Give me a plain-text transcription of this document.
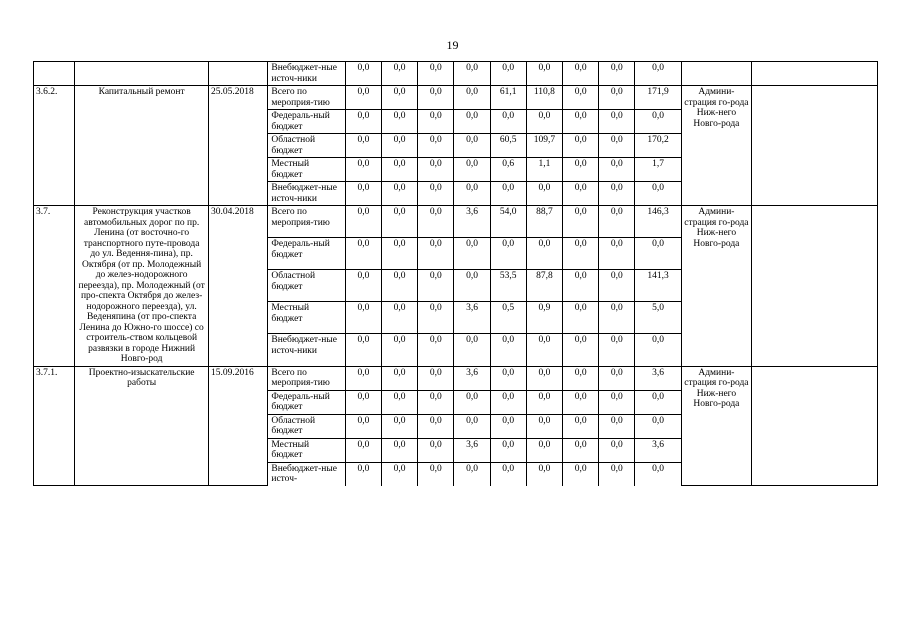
19
			Внебюджет-ные источ-ники	0,0	0,0	0,0	0,0	0,0	0,0	0,0	0,0	0,0		
3.6.2.	Капитальный ремонт	25.05.2018	Всего по мероприя-тию	0,0	0,0	0,0	0,0	61,1	110,8	0,0	0,0	171,9	Админи-страция го-рода Ниж-него Новго-рода	
			Федераль-ный бюджет	0,0	0,0	0,0	0,0	0,0	0,0	0,0	0,0	0,0		
			Областной бюджет	0,0	0,0	0,0	0,0	60,5	109,7	0,0	0,0	170,2		
			Местный бюджет	0,0	0,0	0,0	0,0	0,6	1,1	0,0	0,0	1,7		
			Внебюджет-ные источ-ники	0,0	0,0	0,0	0,0	0,0	0,0	0,0	0,0	0,0		
3.7.	Реконструкция участков автомобильных дорог по пр. Ленина (от восточно-го транспортного путе-провода до ул. Ведення-пина), пр. Октября (от пр. Молодежный до желез-нодорожного переезда), пр. Молодежный (от про-спекта Октября до желез-нодорожного переезда), ул. Веденяпина (от про-спекта Ленина до Южно-го шоссе) со строитель-ством кольцевой развязки в городе Нижний Новго-род	30.04.2018	Всего по мероприя-тию	0,0	0,0	0,0	3,6	54,0	88,7	0,0	0,0	146,3	Админи-страция го-рода Ниж-него Новго-рода	
			Федераль-ный бюджет	0,0	0,0	0,0	0,0	0,0	0,0	0,0	0,0	0,0		
			Областной бюджет	0,0	0,0	0,0	0,0	53,5	87,8	0,0	0,0	141,3		
			Местный бюджет	0,0	0,0	0,0	3,6	0,5	0,9	0,0	0,0	5,0		
			Внебюджет-ные источ-ники	0,0	0,0	0,0	0,0	0,0	0,0	0,0	0,0	0,0		
3.7.1.	Проектно-изыскательские работы	15.09.2016	Всего по мероприя-тию	0,0	0,0	0,0	3,6	0,0	0,0	0,0	0,0	3,6	Админи-страция го-рода Ниж-него Новго-рода	
			Федераль-ный бюджет	0,0	0,0	0,0	0,0	0,0	0,0	0,0	0,0	0,0		
			Областной бюджет	0,0	0,0	0,0	0,0	0,0	0,0	0,0	0,0	0,0		
			Местный бюджет	0,0	0,0	0,0	3,6	0,0	0,0	0,0	0,0	3,6		
			Внебюджет-ные источ-	0,0	0,0	0,0	0,0	0,0	0,0	0,0	0,0	0,0		
